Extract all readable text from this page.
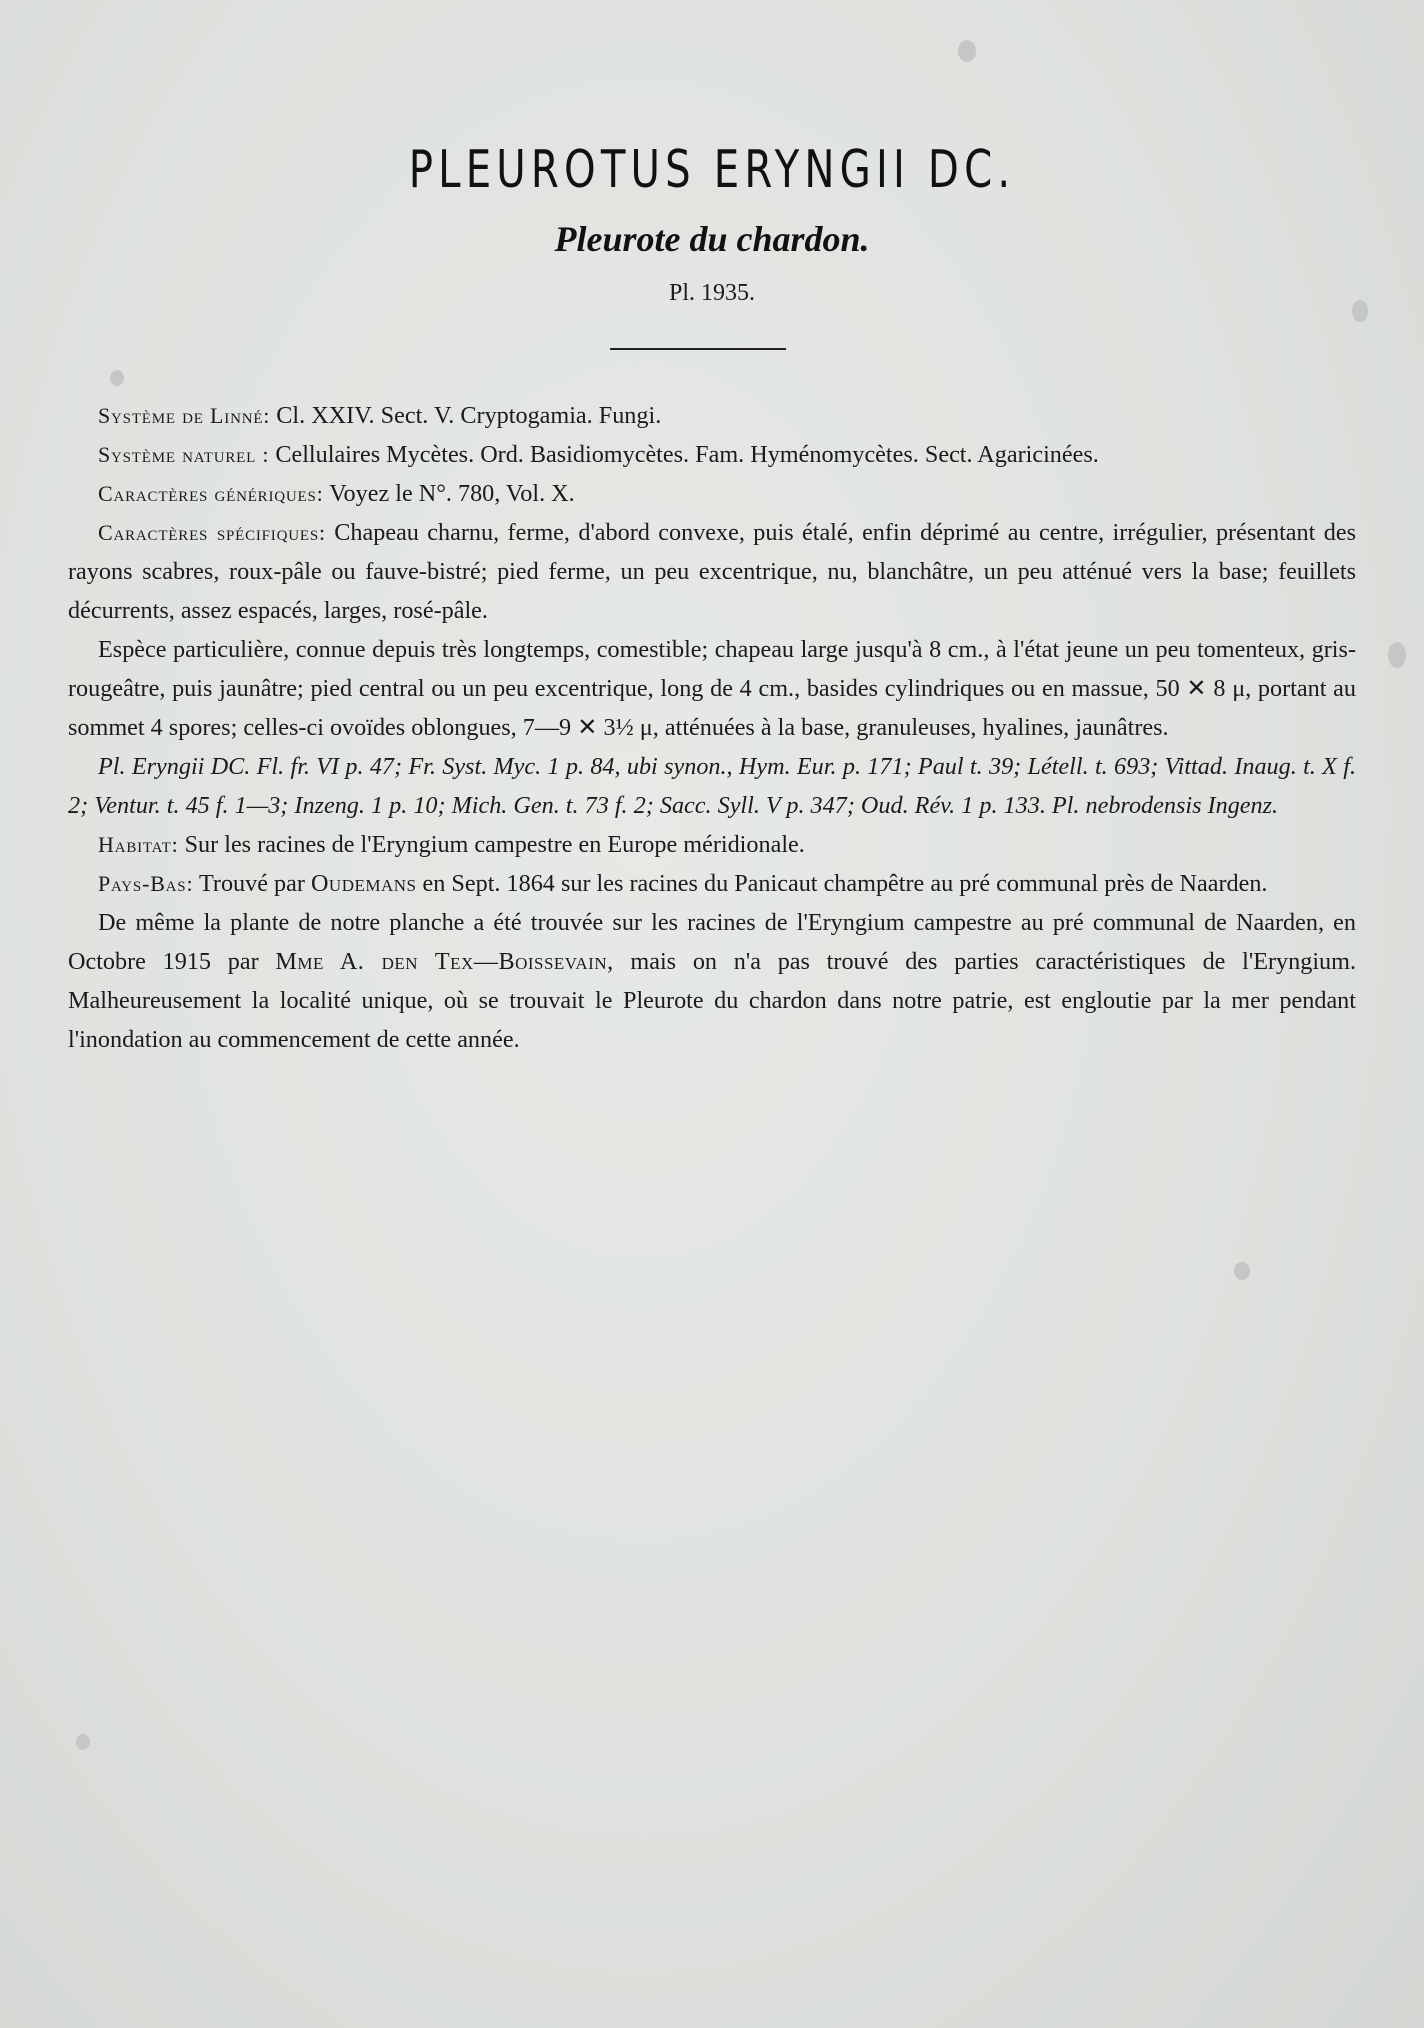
PLEUROTUS ERYNGII DC.
Pleurote du chardon.
Pl. 1935.

Système de Linné: Cl. XXIV. Sect. V. Cryptogamia. Fungi.

Système naturel : Cellulaires Mycètes. Ord. Basidiomycètes. Fam. Hyménomycètes. Sect. Agaricinées.

Caractères génériques: Voyez le N°. 780, Vol. X.

Caractères spécifiques: Chapeau charnu, ferme, d'abord convexe, puis étalé, enfin déprimé au centre, irrégulier, présentant des rayons scabres, roux-pâle ou fauve-bistré; pied ferme, un peu excentrique, nu, blanchâtre, un peu atténué vers la base; feuillets décurrents, assez espacés, larges, rosé-pâle.

Espèce particulière, connue depuis très longtemps, comestible; chapeau large jusqu'à 8 cm., à l'état jeune un peu tomenteux, gris-rougeâtre, puis jaunâtre; pied central ou un peu excentrique, long de 4 cm., basides cylindriques ou en massue, 50 ✕ 8 μ, portant au sommet 4 spores; celles-ci ovoïdes oblongues, 7—9 ✕ 3½ μ, atténuées à la base, granuleuses, hyalines, jaunâtres.

Pl. Eryngii DC. Fl. fr. VI p. 47; Fr. Syst. Myc. 1 p. 84, ubi synon., Hym. Eur. p. 171; Paul t. 39; Létell. t. 693; Vittad. Inaug. t. X f. 2; Ventur. t. 45 f. 1—3; Inzeng. 1 p. 10; Mich. Gen. t. 73 f. 2; Sacc. Syll. V p. 347; Oud. Rév. 1 p. 133. Pl. nebrodensis Ingenz.

Habitat: Sur les racines de l'Eryngium campestre en Europe méridionale.

Pays-Bas: Trouvé par Oudemans en Sept. 1864 sur les racines du Panicaut champêtre au pré communal près de Naarden.

De même la plante de notre planche a été trouvée sur les racines de l'Eryngium campestre au pré communal de Naarden, en Octobre 1915 par Mme A. den Tex—Boissevain, mais on n'a pas trouvé des parties caractéristiques de l'Eryngium. Malheureusement la localité unique, où se trouvait le Pleurote du chardon dans notre patrie, est engloutie par la mer pendant l'inondation au commencement de cette année.
